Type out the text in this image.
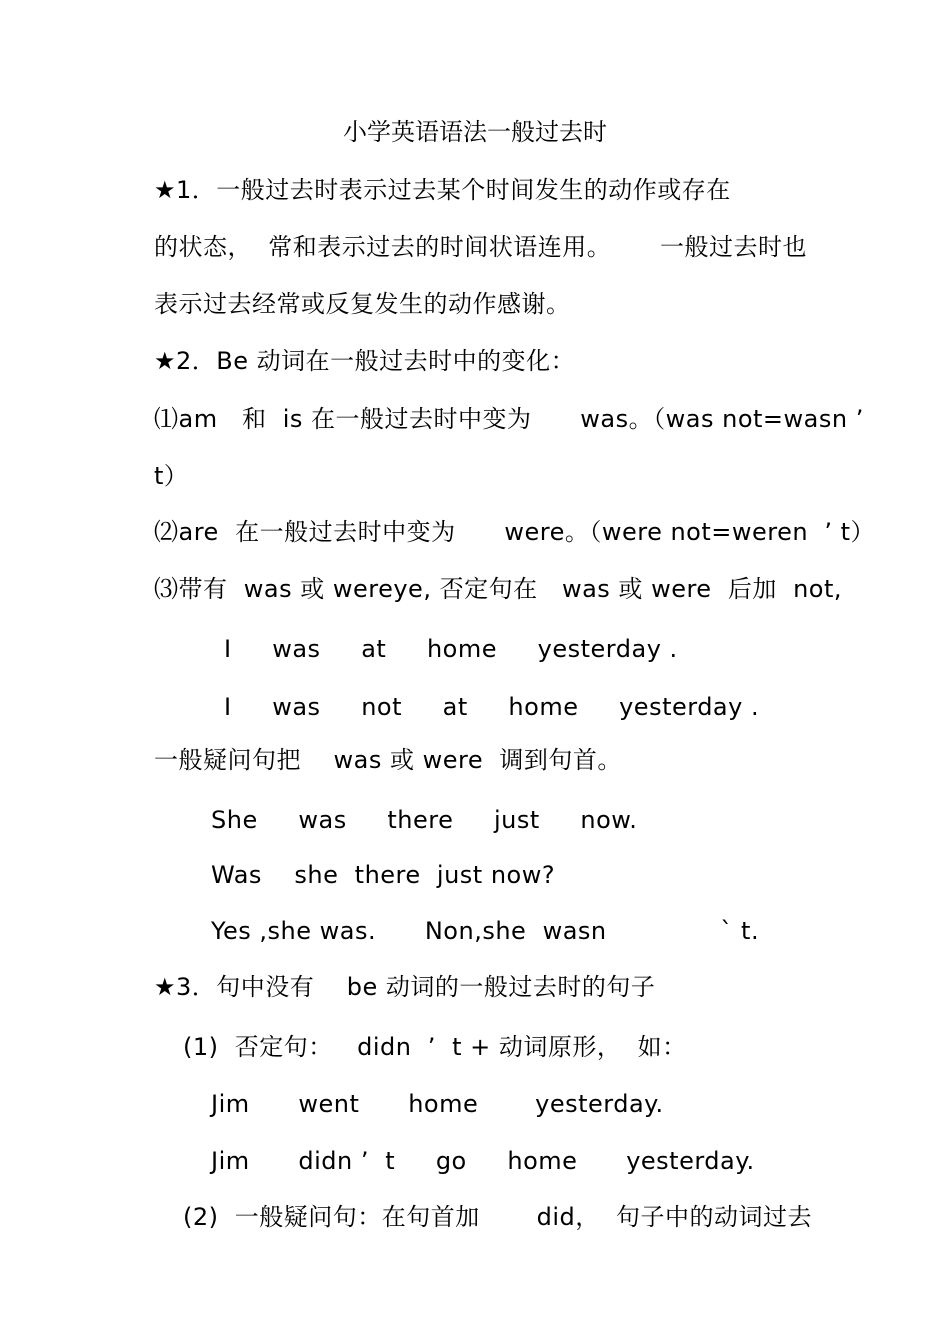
小学英语语法一般过去时
★1．一般过去时表示过去某个时间发生的动作或存在
的状态，  常和表示过去的时间状语连用。      一般过去时也
表示过去经常或反复发生的动作感谢。
★2．Be 动词在一般过去时中的变化：
⑴am   和  is 在一般过去时中变为      was。（was not=wasn ’
t）
⑵are  在一般过去时中变为      were。（were not=weren  ’ t）
⑶带有  was 或 wereye, 否定句在   was 或 were  后加  not,
I     was     at     home     yesterday .
I     was     not     at     home     yesterday .
一般疑问句把    was 或 were  调到句首。
She     was     there     just     now.
Was    she  there  just now?
Yes ,she was.      Non,she  wasn              ˋ t.
★3．句中没有    be 动词的一般过去时的句子
(1)  否定句：   didn  ’  t + 动词原形，  如：
Jim      went      home       yesterday.
Jim      didn ’  t     go     home      yesterday.
(2)  一般疑问句：在句首加       did，  句子中的动词过去
